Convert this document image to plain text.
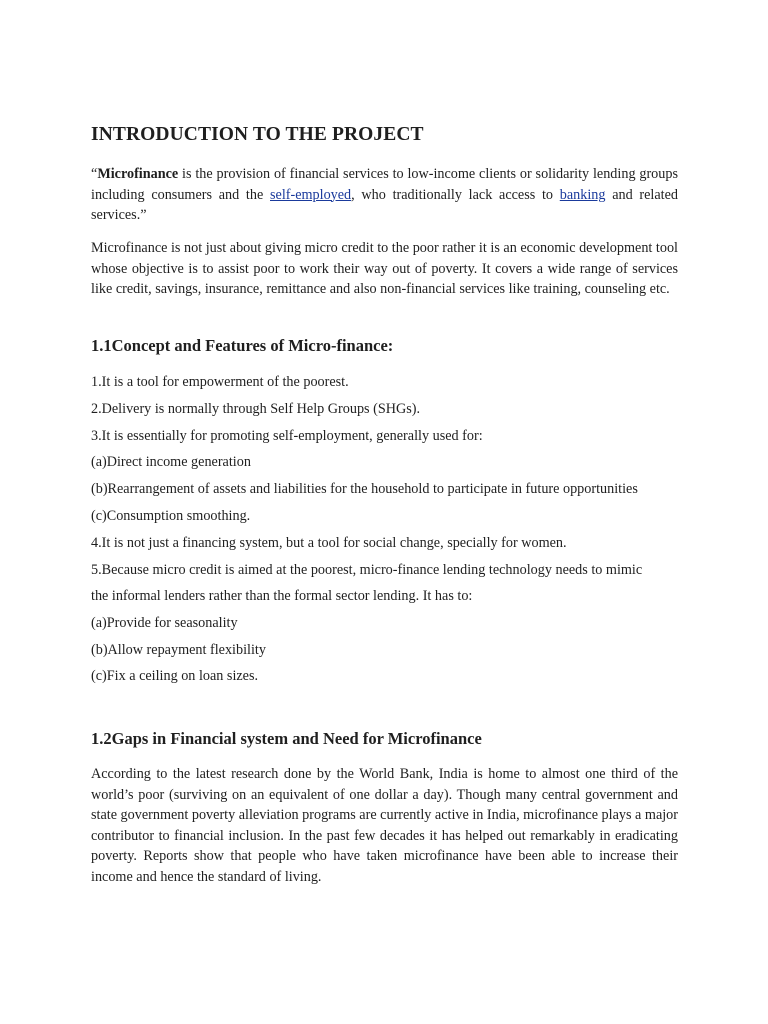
INTRODUCTION TO THE PROJECT
“Microfinance is the provision of financial services to low-income clients or solidarity lending groups including consumers and the self-employed, who traditionally lack access to banking and related services.”
Microfinance is not just about giving micro credit to the poor rather it is an economic development tool whose objective is to assist poor to work their way out of poverty. It covers a wide range of services like credit, savings, insurance, remittance and also non-financial services like training, counseling etc.
1.1Concept and Features of Micro-finance:
1.It is a tool for empowerment of the poorest.
2.Delivery is normally through Self Help Groups (SHGs).
3.It is essentially for promoting self-employment, generally used for:
(a)Direct income generation
(b)Rearrangement of assets and liabilities for the household to participate in future opportunities
(c)Consumption smoothing.
4.It is not just a financing system, but a tool for social change, specially for women.
5.Because micro credit is aimed at the poorest, micro-finance lending technology needs to mimic
the informal lenders rather than the formal sector lending. It has to:
(a)Provide for seasonality
(b)Allow repayment flexibility
(c)Fix a ceiling on loan sizes.
1.2Gaps in Financial system and Need for Microfinance
According to the latest research done by the World Bank, India is home to almost one third of the world’s poor (surviving on an equivalent of one dollar a day). Though many central government and state government poverty alleviation programs are currently active in India, microfinance plays a major contributor to financial inclusion. In the past few decades it has helped out remarkably in eradicating poverty. Reports show that people who have taken microfinance have been able to increase their income and hence the standard of living.
